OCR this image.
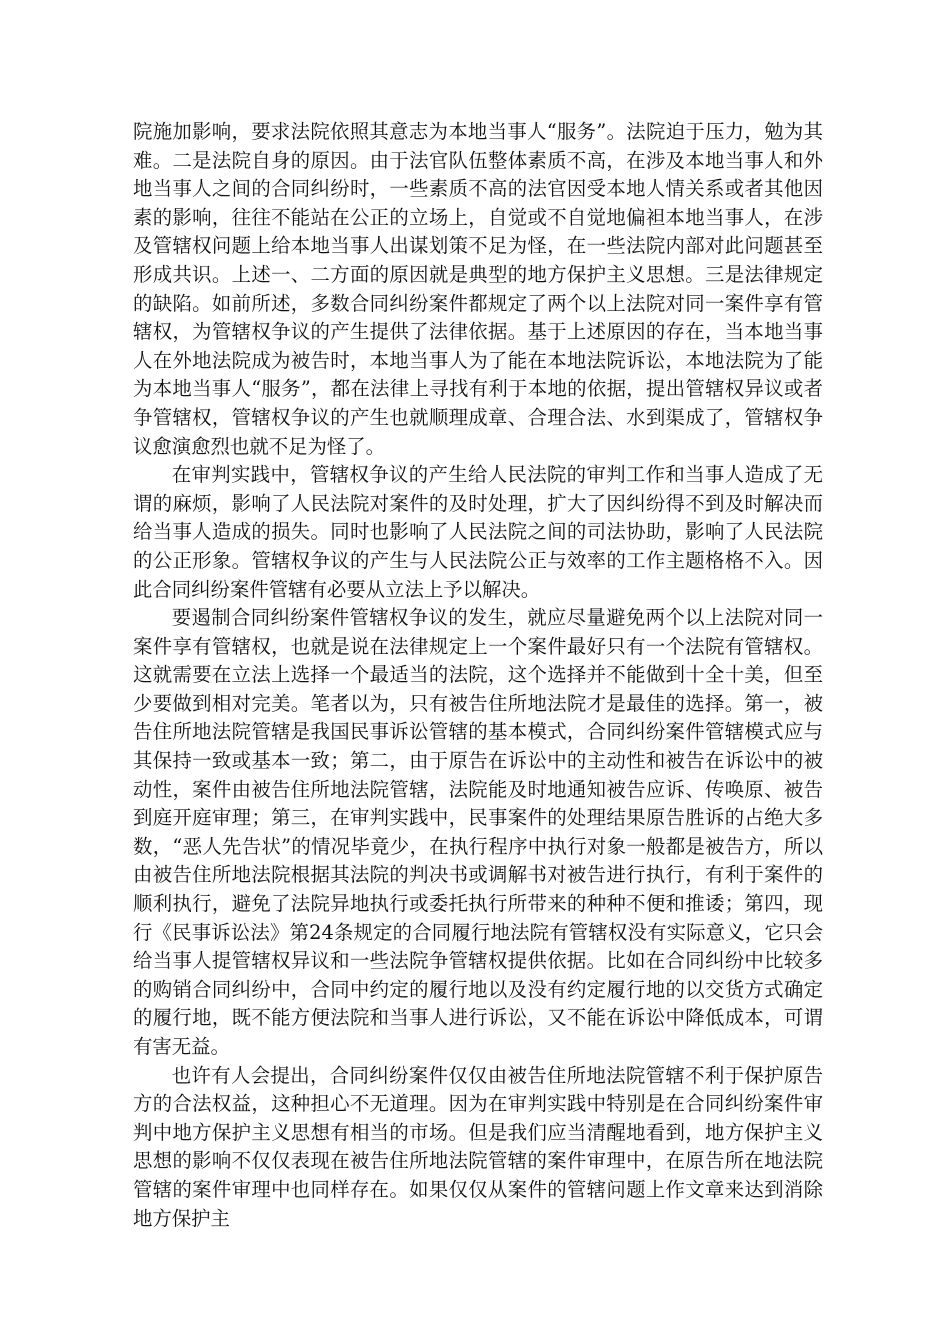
院施加影响，要求法院依照其意志为本地当事人“服务”。法院迫于压力，勉为其难。二是法院自身的原因。由于法官队伍整体素质不高，在涉及本地当事人和外地当事人之间的合同纠纷时，一些素质不高的法官因受本地人情关系或者其他因素的影响，往往不能站在公正的立场上，自觉或不自觉地偏袒本地当事人，在涉及管辖权问题上给本地当事人出谋划策不足为怪，在一些法院内部对此问题甚至形成共识。上述一、二方面的原因就是典型的地方保护主义思想。三是法律规定的缺陷。如前所述，多数合同纠纷案件都规定了两个以上法院对同一案件享有管辖权，为管辖权争议的产生提供了法律依据。基于上述原因的存在，当本地当事人在外地法院成为被告时，本地当事人为了能在本地法院诉讼，本地法院为了能为本地当事人“服务”，都在法律上寻找有利于本地的依据，提出管辖权异议或者争管辖权，管辖权争议的产生也就顺理成章、合理合法、水到渠成了，管辖权争议愈演愈烈也就不足为怪了。

在审判实践中，管辖权争议的产生给人民法院的审判工作和当事人造成了无谓的麻烦，影响了人民法院对案件的及时处理，扩大了因纠纷得不到及时解决而给当事人造成的损失。同时也影响了人民法院之间的司法协助，影响了人民法院的公正形象。管辖权争议的产生与人民法院公正与效率的工作主题格格不入。因此合同纠纷案件管辖有必要从立法上予以解决。

要遏制合同纠纷案件管辖权争议的发生，就应尽量避免两个以上法院对同一案件享有管辖权，也就是说在法律规定上一个案件最好只有一个法院有管辖权。这就需要在立法上选择一个最适当的法院，这个选择并不能做到十全十美，但至少要做到相对完美。笔者以为，只有被告住所地法院才是最佳的选择。第一，被告住所地法院管辖是我国民事诉讼管辖的基本模式，合同纠纷案件管辖模式应与其保持一致或基本一致；第二，由于原告在诉讼中的主动性和被告在诉讼中的被动性，案件由被告住所地法院管辖，法院能及时地通知被告应诉、传唤原、被告到庭开庭审理；第三，在审判实践中，民事案件的处理结果原告胜诉的占绝大多数，“恶人先告状”的情况毕竟少，在执行程序中执行对象一般都是被告方，所以由被告住所地法院根据其法院的判决书或调解书对被告进行执行，有利于案件的顺利执行，避免了法院异地执行或委托执行所带来的种种不便和推诿；第四，现行《民事诉讼法》第24条规定的合同履行地法院有管辖权没有实际意义，它只会给当事人提管辖权异议和一些法院争管辖权提供依据。比如在合同纠纷中比较多的购销合同纠纷中，合同中约定的履行地以及没有约定履行地的以交货方式确定的履行地，既不能方便法院和当事人进行诉讼，又不能在诉讼中降低成本，可谓有害无益。

也许有人会提出，合同纠纷案件仅仅由被告住所地法院管辖不利于保护原告方的合法权益，这种担心不无道理。因为在审判实践中特别是在合同纠纷案件审判中地方保护主义思想有相当的市场。但是我们应当清醒地看到，地方保护主义思想的影响不仅仅表现在被告住所地法院管辖的案件审理中，在原告所在地法院管辖的案件审理中也同样存在。如果仅仅从案件的管辖问题上作文章来达到消除地方保护主
